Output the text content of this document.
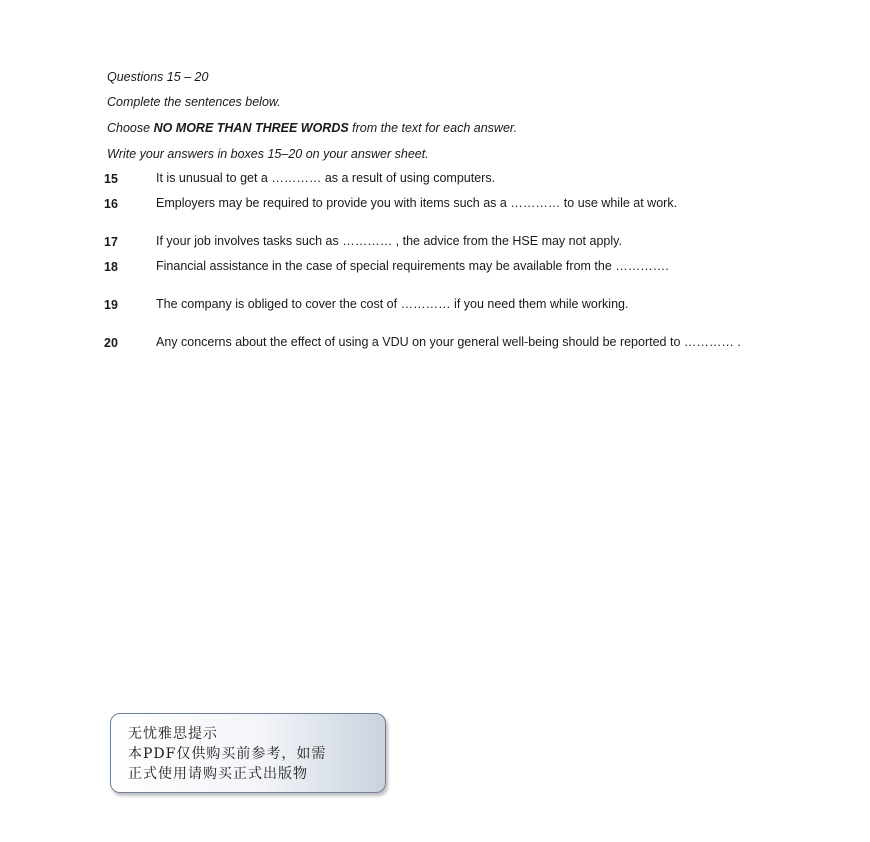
Questions 15 – 20
Complete the sentences below.
Choose NO MORE THAN THREE WORDS from the text for each answer.
Write your answers in boxes 15–20 on your answer sheet.
15	It is unusual to get a ………… as a result of using computers.
16	Employers may be required to provide you with items such as a ………… to use while at work.
17	If your job involves tasks such as ………… , the advice from the HSE may not apply.
18	Financial assistance in the case of special requirements may be available from the ………….
19	The company is obliged to cover the cost of ………… if you need them while working.
20	Any concerns about the effect of using a VDU on your general well-being should be reported to ………… .
无忧雅思提示
本PDF仅供购买前参考，如需
正式使用请购买正式出版物
